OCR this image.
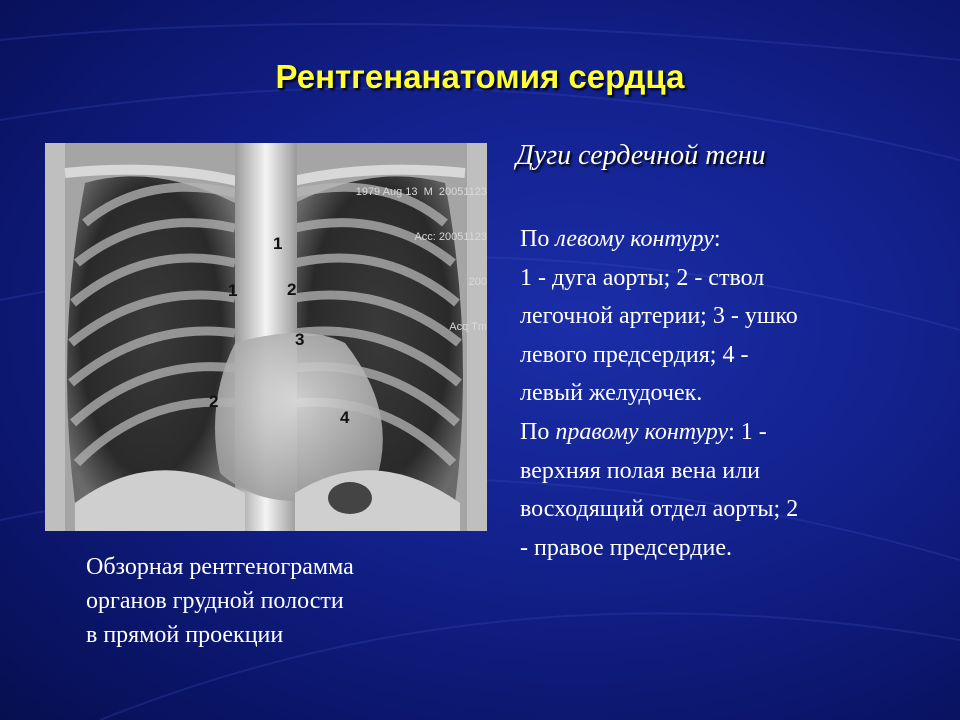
Рентгенанатомия сердца

1979 Aug 13  M  20051123

Acc: 20051123

200

Acq Tm

1
1	2
3
2
4
Обзорная рентгенограмма
органов грудной полости
в прямой проекции
Дуги сердечной тени
По левому контуру:
1 - дуга аорты; 2 - ствол
легочной артерии; 3 - ушко
левого предсердия; 4 -
левый желудочек.
По правому контуру: 1 -
верхняя полая вена или
восходящий отдел аорты; 2
- правое предсердие.
